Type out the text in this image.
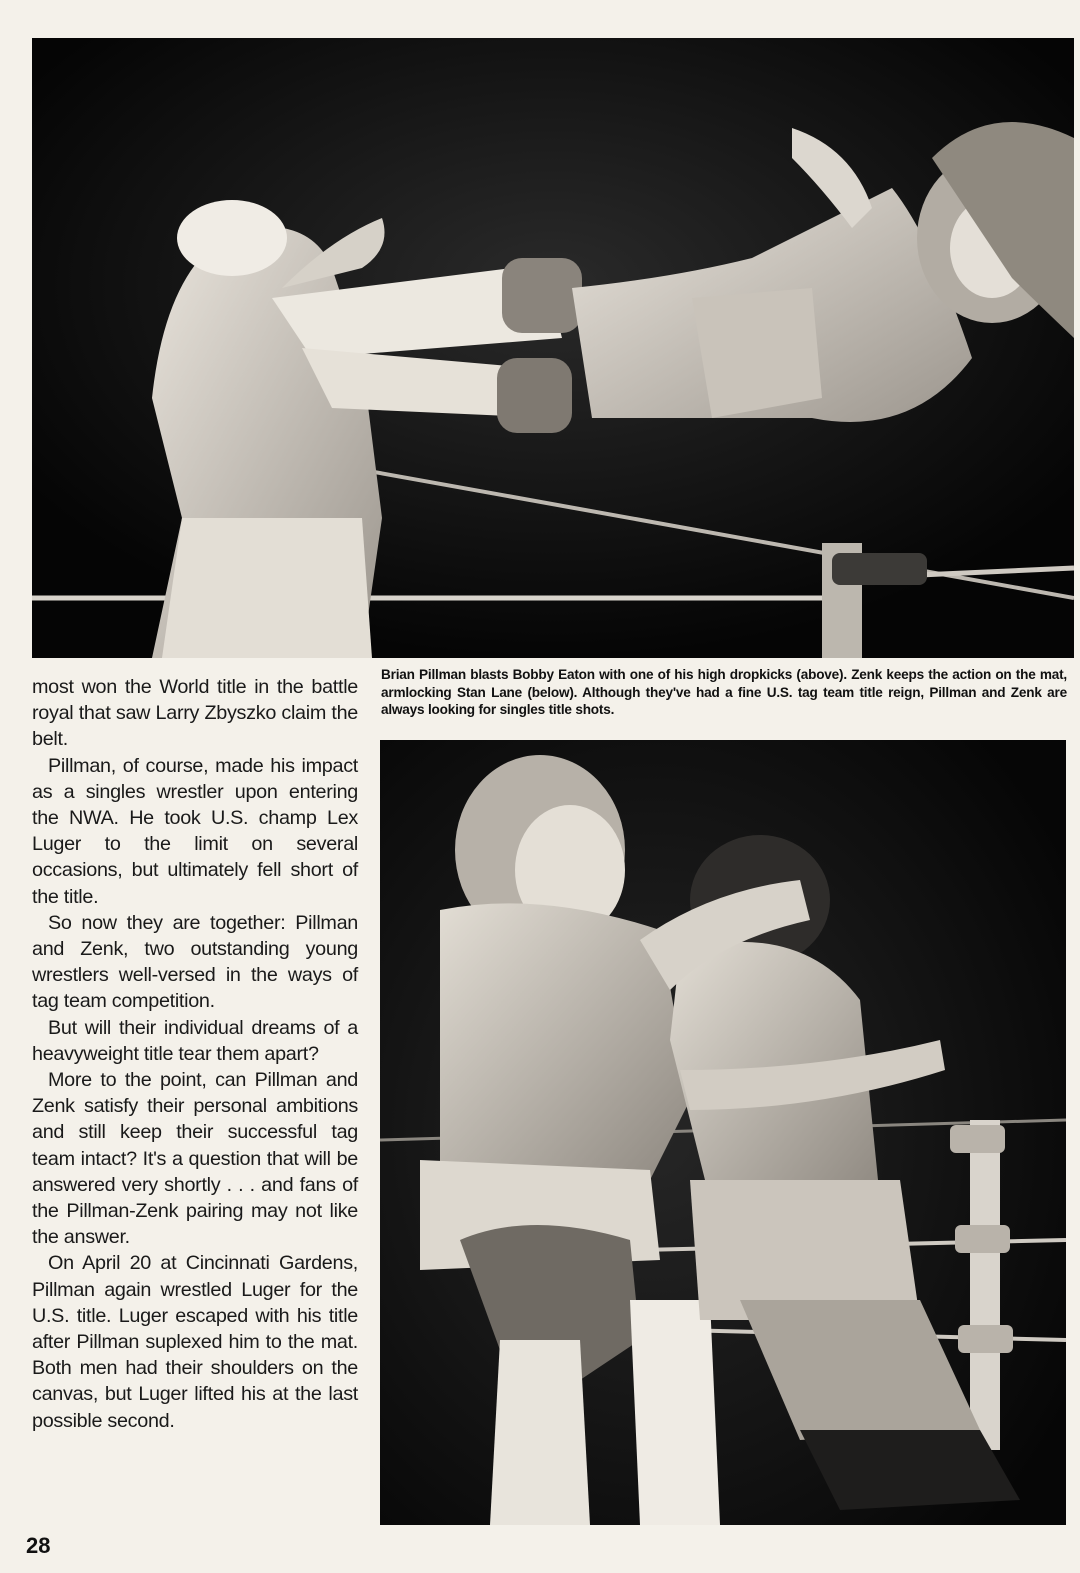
Brian Pillman blasts Bobby Eaton with one of his high dropkicks (above). Zenk keeps the action on the mat, armlocking Stan Lane (below). Although they've had a fine U.S. tag team title reign, Pillman and Zenk are always looking for singles title shots.

most won the World title in the battle royal that saw Larry Zbyszko claim the belt.

Pillman, of course, made his impact as a singles wrestler upon entering the NWA. He took U.S. champ Lex Luger to the limit on several occasions, but ultimately fell short of the title.

So now they are together: Pillman and Zenk, two outstanding young wrestlers well-versed in the ways of tag team competition.

But will their individual dreams of a heavyweight title tear them apart?

More to the point, can Pillman and Zenk satisfy their personal ambitions and still keep their successful tag team intact? It's a question that will be answered very shortly . . . and fans of the Pillman-Zenk pairing may not like the answer.

On April 20 at Cincinnati Gardens, Pillman again wrestled Luger for the U.S. title. Luger escaped with his title after Pillman suplexed him to the mat. Both men had their shoulders on the canvas, but Luger lifted his at the last possible second.

28
